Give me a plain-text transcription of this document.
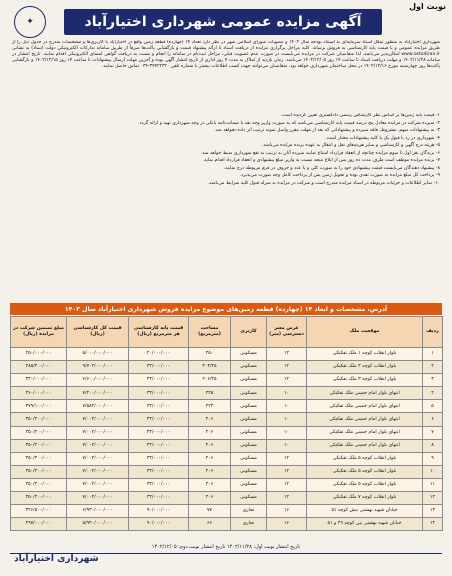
نوبت اول
✦	آگهی مزایده عمومی شهرداری اختیارآباد
شهرداری اختیارآباد به منظور تملک اسناد سرمایه‌ای به استناد بودجه سال ۱۴۰۲ و مصوبات شورای اسلامی شهر در نظر دارد تعداد ۱۴ (چهارده) قطعه زمین واقع در اختیارآباد با کاربری‌ها و مشخصات مندرج در جدول ذیل را از طریق مزایده عمومی و با قیمت پایه کارشناسی به فروش برساند. کلیه مراحل برگزاری مزایده از دریافت اسناد تا ارائه پیشنهاد قیمت و بازگشایی پاکت‌ها صرفاً از طریق سامانه تدارکات الکترونیکی دولت (ستاد) به نشانی www.setadiran.ir امکان‌پذیر می‌باشد. لذا متقاضیان شرکت در مزایده می‌بایست در صورت عدم عضویت قبلی، مراحل ثبت‌نام در سامانه را انجام و نسبت به دریافت گواهی امضای الکترونیکی اقدام نمایند. تاریخ انتشار در سامانه ۱۴۰۲/۱۱/۲۸ و مهلت دریافت اسناد تا ساعت ۱۴ روز ۱۴۰۲/۱۲/۰۵ می‌باشد. زمان بازدید از املاک به مدت ۷ روز اداری از تاریخ انتشار آگهی بوده و آخرین مهلت ارسال پیشنهادات تا ساعت ۱۴ روز ۱۴۰۲/۱۲/۱۵ و بازگشایی پاکت‌ها روز چهارشنبه مورخ ۱۴۰۲/۱۲/۱۶ در محل ساختمان شهرداری خواهد بود. متقاضیان می‌توانند جهت کسب اطلاعات بیشتر با شماره تلفن ۳۴۴۲۲۳۲۰-۰۳۴ تماس حاصل نمایند.

۱- قیمت پایه زمین‌ها بر اساس نظر کارشناس رسمی دادگستری تعیین گردیده است.

۲- سپرده شرکت در مزایده معادل پنج درصد قیمت پایه کارشناسی می‌باشد که به صورت واریز وجه نقد یا ضمانت‌نامه بانکی در وجه شهرداری تهیه و ارائه گردد.

۳- به پیشنهادات مبهم، مشروط، فاقد سپرده و پیشنهاداتی که بعد از مهلت مقرر واصل شوند ترتیب اثر داده نخواهد شد.

۴- شهرداری در رد یا قبول یک یا کلیه پیشنهادات مختار است.

۵- هزینه درج آگهی و کارشناسی و سایر هزینه‌های نقل و انتقال به عهده برنده مزایده می‌باشد.

۶- برندگان نفر اول تا سوم مزایده چنانچه از انعقاد قرارداد امتناع نمایند سپرده آنان به ترتیب به نفع شهرداری ضبط خواهد شد.

۷- برنده مزایده موظف است ظرف مدت ده روز پس از ابلاغ نتیجه نسبت به واریز مبلغ پیشنهادی و انعقاد قرارداد اقدام نماید.

۸- پیشنهاد دهندگان می‌بایست قیمت پیشنهادی خود را به صورت کلی و با عدد و حروف در فرم مربوطه درج نمایند.

۹- پرداخت کل مبلغ مزایده به صورت نقدی بوده و تحویل زمین پس از پرداخت کامل وجه صورت می‌پذیرد.

۱۰- سایر اطلاعات و جزئیات مربوطه در اسناد مزایده مندرج است و شرکت در مزایده به منزله قبول کلیه شرایط می‌باشد.

آدرس، مشخصات و ابعاد ۱۴ (چهارده) قطعه زمین‌های موضوع مزایده فروش شهرداری اختیارآباد سال ۱۴۰۲
ردیف	موقعیت ملک	عرض معبر دسترسی (متر)	کاربری	مساحت (مترمربع)	قیمت پایه کارشناسی هر مترمربع (ریال)	قیمت کل کارشناسی (ریال)	مبلغ تضمین شرکت در مزایده (ریال)
۱	بلوار انقلاب کوچه ۱ ملک تفکیکی	۱۲	مسکونی	۲۵۰	۲۰/۰۰۰/۰۰۰	۵/۰۰۰/۰۰۰/۰۰۰	۲۵۰/۰۰۰/۰۰۰
۲	بلوار انقلاب کوچه ۳ ملک تفکیکی	۱۲	مسکونی	۳۰۳/۲۵	۳۲/۰۰۰/۰۰۰	۹/۷۰۴/۰۰۰/۰۰۰	۴۸۵/۲۰۰/۰۰۰
۳	بلوار انقلاب کوچه ۳ ملک تفکیکی	۱۲	مسکونی	۲۰۶/۲۵	۳۲/۰۰۰/۰۰۰	۶/۶۰۰/۰۰۰/۰۰۰	۳۳۰/۰۰۰/۰۰۰
۴	انتهای بلوار امام خمینی ملک تفکیکی	۱۰	مسکونی	۲۲۵	۳۲/۰۰۰/۰۰۰	۷/۲۰۰/۰۰۰/۰۰۰	۳۶۰/۰۰۰/۰۰۰
۵	انتهای بلوار امام خمینی ملک تفکیکی	۱۰	مسکونی	۲۲۳	۳۴/۰۰۰/۰۰۰	۷/۵۸۲/۰۰۰/۰۰۰	۳۷۹/۱۰۰/۰۰۰
۶	انتهای بلوار امام خمینی ملک تفکیکی	۱۰	مسکونی	۲۰۶	۳۴/۰۰۰/۰۰۰	۷/۰۰۴/۰۰۰/۰۰۰	۳۵۰/۲۰۰/۰۰۰
۷	انتهای بلوار امام خمینی ملک تفکیکی	۱۰	مسکونی	۲۰۶	۳۴/۰۰۰/۰۰۰	۷/۰۰۴/۰۰۰/۰۰۰	۳۵۰/۲۰۰/۰۰۰
۸	انتهای بلوار امام خمینی ملک تفکیکی	۱۰	مسکونی	۲۰۶	۳۴/۰۰۰/۰۰۰	۷/۰۰۴/۰۰۰/۰۰۰	۳۵۰/۲۰۰/۰۰۰
۹	بلوار انقلاب کوچه ۵ ملک تفکیکی	۱۲	مسکونی	۲۰۶	۳۴/۰۰۰/۰۰۰	۷/۰۰۴/۰۰۰/۰۰۰	۳۵۰/۲۰۰/۰۰۰
۱۰	بلوار انقلاب کوچه ۵ ملک تفکیکی	۱۲	مسکونی	۲۰۶	۳۴/۰۰۰/۰۰۰	۷/۰۰۴/۰۰۰/۰۰۰	۳۵۰/۲۰۰/۰۰۰
۱۱	بلوار انقلاب کوچه ۵ ملک تفکیکی	۱۲	مسکونی	۲۰۶	۳۴/۰۰۰/۰۰۰	۷/۰۰۴/۰۰۰/۰۰۰	۳۵۰/۲۰۰/۰۰۰
۱۲	بلوار انقلاب کوچه ۷ ملک تفکیکی	۱۲	مسکونی	۲۰۶	۳۴/۰۰۰/۰۰۰	۷/۰۰۴/۰۰۰/۰۰۰	۳۵۰/۲۰۰/۰۰۰
۱۳	خیابان شهید بهشتی نبش کوچه ۵۱	۱۶	تجاری	۷۷	۹۰/۰۰۰/۰۰۰	۶/۹۳۰/۰۰۰/۰۰۰	۳۴۶/۵۰۰/۰۰۰
۱۴	خیابان شهید بهشتی بین کوچه ۴۹ و ۵۱	۱۶	تجاری	۶۶	۹۰/۰۰۰/۰۰۰	۵/۹۴۰/۰۰۰/۰۰۰	۲۹۷/۰۰۰/۰۰۰
تاریخ انتشار نوبت اول: ۱۴۰۲/۱۱/۲۸ تاریخ انتشار نوبت دوم: ۱۴۰۲/۱۲/۰۵
شهرداری اختیارآباد
